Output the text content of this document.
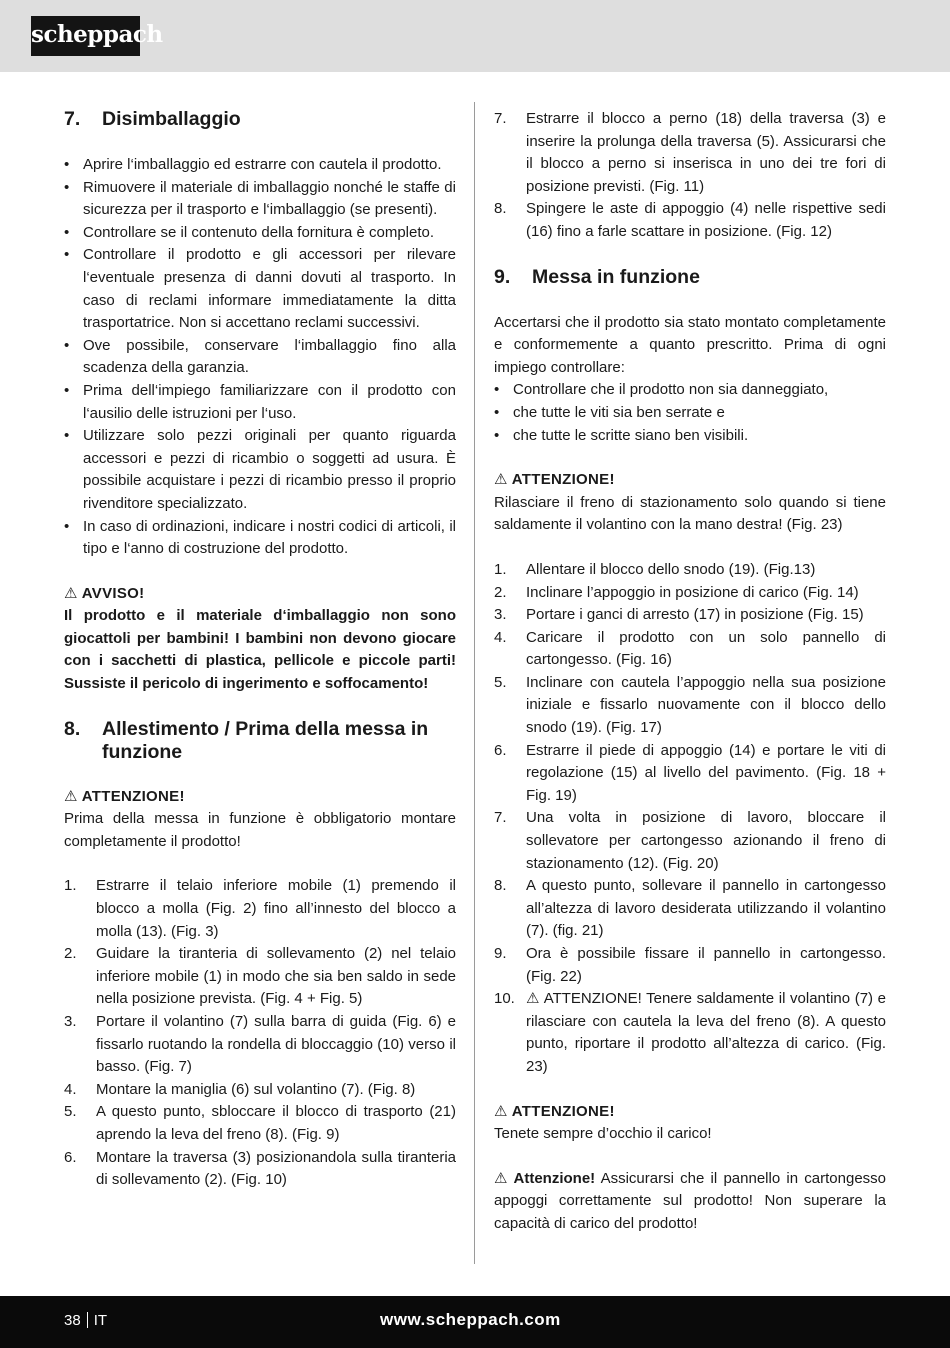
scheppach
7.	Disimballaggio
• Aprire l‘imballaggio ed estrarre con cautela il prodotto.
• Rimuovere il materiale di imballaggio nonché le staffe di sicurezza per il trasporto e l‘imballaggio (se presenti).
• Controllare se il contenuto della fornitura è completo.
• Controllare il prodotto e gli accessori per rilevare l‘eventuale presenza di danni dovuti al trasporto. In caso di reclami informare immediatamente la ditta trasportatrice. Non si accettano reclami successivi.
• Ove possibile, conservare l‘imballaggio fino alla scadenza della garanzia.
• Prima dell‘impiego familiarizzare con il prodotto con l‘ausilio delle istruzioni per l‘uso.
• Utilizzare solo pezzi originali per quanto riguarda accessori e pezzi di ricambio o soggetti ad usura. È possibile acquistare i pezzi di ricambio presso il proprio rivenditore specializzato.
• In caso di ordinazioni, indicare i nostri codici di articoli, il tipo e l‘anno di costruzione del prodotto.
⚠ AVVISO!
Il prodotto e il materiale d‘imballaggio non sono giocattoli per bambini! I bambini non devono giocare con i sacchetti di plastica, pellicole e piccole parti! Sussiste il pericolo di ingerimento e soffocamento!
8.	Allestimento / Prima della messa in
funzione
⚠ ATTENZIONE!
Prima della messa in funzione è obbligatorio montare completamente il prodotto!
1.	Estrarre il telaio inferiore mobile (1) premendo il blocco a molla (Fig. 2) fino all’innesto del blocco a molla (13). (Fig. 3)
2.	Guidare la tiranteria di sollevamento (2) nel telaio inferiore mobile (1) in modo che sia ben saldo in sede nella posizione prevista. (Fig. 4 + Fig. 5)
3.	Portare il volantino (7) sulla barra di guida (Fig. 6) e fissarlo ruotando la rondella di bloccaggio (10) verso il basso. (Fig. 7)
4.	Montare la maniglia (6) sul volantino (7). (Fig. 8)
5.	A questo punto, sbloccare il blocco di trasporto (21) aprendo la leva del freno (8). (Fig. 9)
6.	Montare la traversa (3) posizionandola sulla tiranteria di sollevamento (2). (Fig. 10)
7.	Estrarre il blocco a perno (18) della traversa (3) e inserire la prolunga della traversa (5). Assicurarsi che il blocco a perno si inserisca in uno dei tre fori di posizione previsti. (Fig. 11)
8.	Spingere le aste di appoggio (4) nelle rispettive sedi (16) fino a farle scattare in posizione. (Fig. 12)
9.	Messa in funzione
Accertarsi che il prodotto sia stato montato completamente e conformemente a quanto prescritto. Prima di ogni impiego controllare:
• Controllare che il prodotto non sia danneggiato,
• che tutte le viti sia ben serrate e
• che tutte le scritte siano ben visibili.
⚠ ATTENZIONE!
Rilasciare il freno di stazionamento solo quando si tiene saldamente il volantino con la mano destra! (Fig. 23)
1.	Allentare il blocco dello snodo (19). (Fig.13)
2.	Inclinare l’appoggio in posizione di carico (Fig. 14)
3.	Portare i ganci di arresto (17) in posizione (Fig. 15)
4.	Caricare il prodotto con un solo pannello di cartongesso. (Fig. 16)
5.	Inclinare con cautela l’appoggio nella sua posizione iniziale e fissarlo nuovamente con il blocco dello snodo (19). (Fig. 17)
6.	Estrarre il piede di appoggio (14) e portare le viti di regolazione (15) al livello del pavimento. (Fig. 18 + Fig. 19)
7.	Una volta in posizione di lavoro, bloccare il sollevatore per cartongesso azionando il freno di stazionamento (12). (Fig. 20)
8.	A questo punto, sollevare il pannello in cartongesso all’altezza di lavoro desiderata utilizzando il volantino (7). (fig. 21)
9.	Ora è possibile fissare il pannello in cartongesso. (Fig. 22)
10. ⚠ ATTENZIONE! Tenere saldamente il volantino (7) e rilasciare con cautela la leva del freno (8). A questo punto, riportare il prodotto all’altezza di carico. (Fig. 23)
⚠ ATTENZIONE!
Tenete sempre d’occhio il carico!
⚠ Attenzione! Assicurarsi che il pannello in cartongesso appoggi correttamente sul prodotto! Non superare la capacità di carico del prodotto!
38 IT	www.scheppach.com
